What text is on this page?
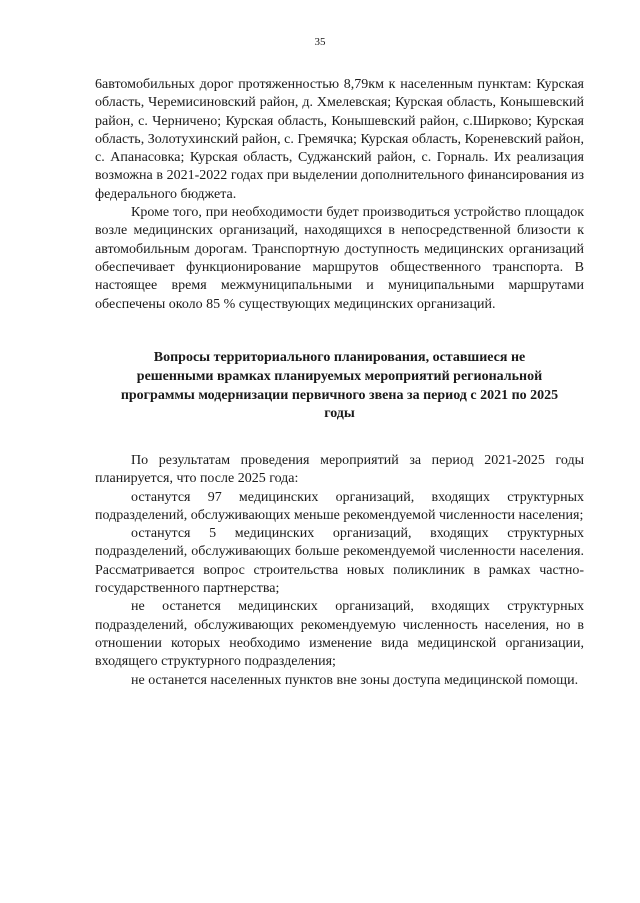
35

6автомобильных дорог протяженностью 8,79км к населенным пунктам: Курская область, Черемисиновский район, д. Хмелевская; Курская область, Конышевский район, с. Черничено; Курская область, Конышевский район, с.Ширково; Курская область, Золотухинский район, с. Гремячка; Курская область, Кореневский район, с. Апанасовка; Курская область, Суджанский район, с. Горналь. Их реализация возможна в 2021-2022 годах при выделении дополнительного финансирования из федерального бюджета.

Кроме того, при необходимости будет производиться устройство площадок возле медицинских организаций, находящихся в непосредственной близости к автомобильным дорогам. Транспортную доступность медицинских организаций обеспечивает функционирование маршрутов общественного транспорта. В настоящее время межмуниципальными и муниципальными маршрутами обеспечены около 85 % существующих медицинских организаций.

Вопросы территориального планирования, оставшиеся не решенными врамках планируемых мероприятий региональной программы модернизации первичного звена за период с 2021 по 2025 годы

По результатам проведения мероприятий за период 2021-2025 годы планируется, что после 2025 года:

останутся 97 медицинских организаций, входящих структурных подразделений, обслуживающих меньше рекомендуемой численности населения;

останутся 5 медицинских организаций, входящих структурных подразделений, обслуживающих больше рекомендуемой численности населения. Рассматривается вопрос строительства новых поликлиник в рамках частно-государственного партнерства;

не останется медицинских организаций, входящих структурных подразделений, обслуживающих рекомендуемую численность населения, но в отношении которых необходимо изменение вида медицинской организации, входящего структурного подразделения;

не останется населенных пунктов вне зоны доступа медицинской помощи.
